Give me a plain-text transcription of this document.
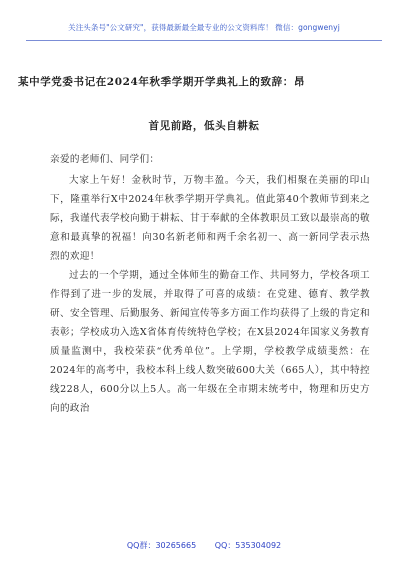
关注头条号"公文研究"，获得最新最全最专业的公文资料库！ 微信：gongwenyj
某中学党委书记在2024年秋季学期开学典礼上的致辞：昂
首见前路，低头自耕耘

亲爱的老师们、同学们：

大家上午好！金秋时节，万物丰盈。今天，我们相聚在美丽的印山下，隆重举行X中2024年秋季学期开学典礼。值此第40个教师节到来之际，我谨代表学校向勤于耕耘、甘于奉献的全体教职员工致以最崇高的敬意和最真挚的祝福！向30名新老师和两千余名初一、高一新同学表示热烈的欢迎！

过去的一个学期，通过全体师生的勤奋工作、共同努力，学校各项工作得到了进一步的发展，并取得了可喜的成绩：在党建、德育、教学教研、安全管理、后勤服务、新闻宣传等多方面工作均获得了上级的肯定和表彰；学校成功入选X省体育传统特色学校；在X县2024年国家义务教育质量监测中，我校荣获“优秀单位”。上学期，学校教学成绩斐然：在2024年的高考中，我校本科上线人数突破600大关（665人），其中特控线228人，600分以上5人。高一年级在全市期末统考中，物理和历史方向的政治

QQ群：30265665 QQ：535304092
